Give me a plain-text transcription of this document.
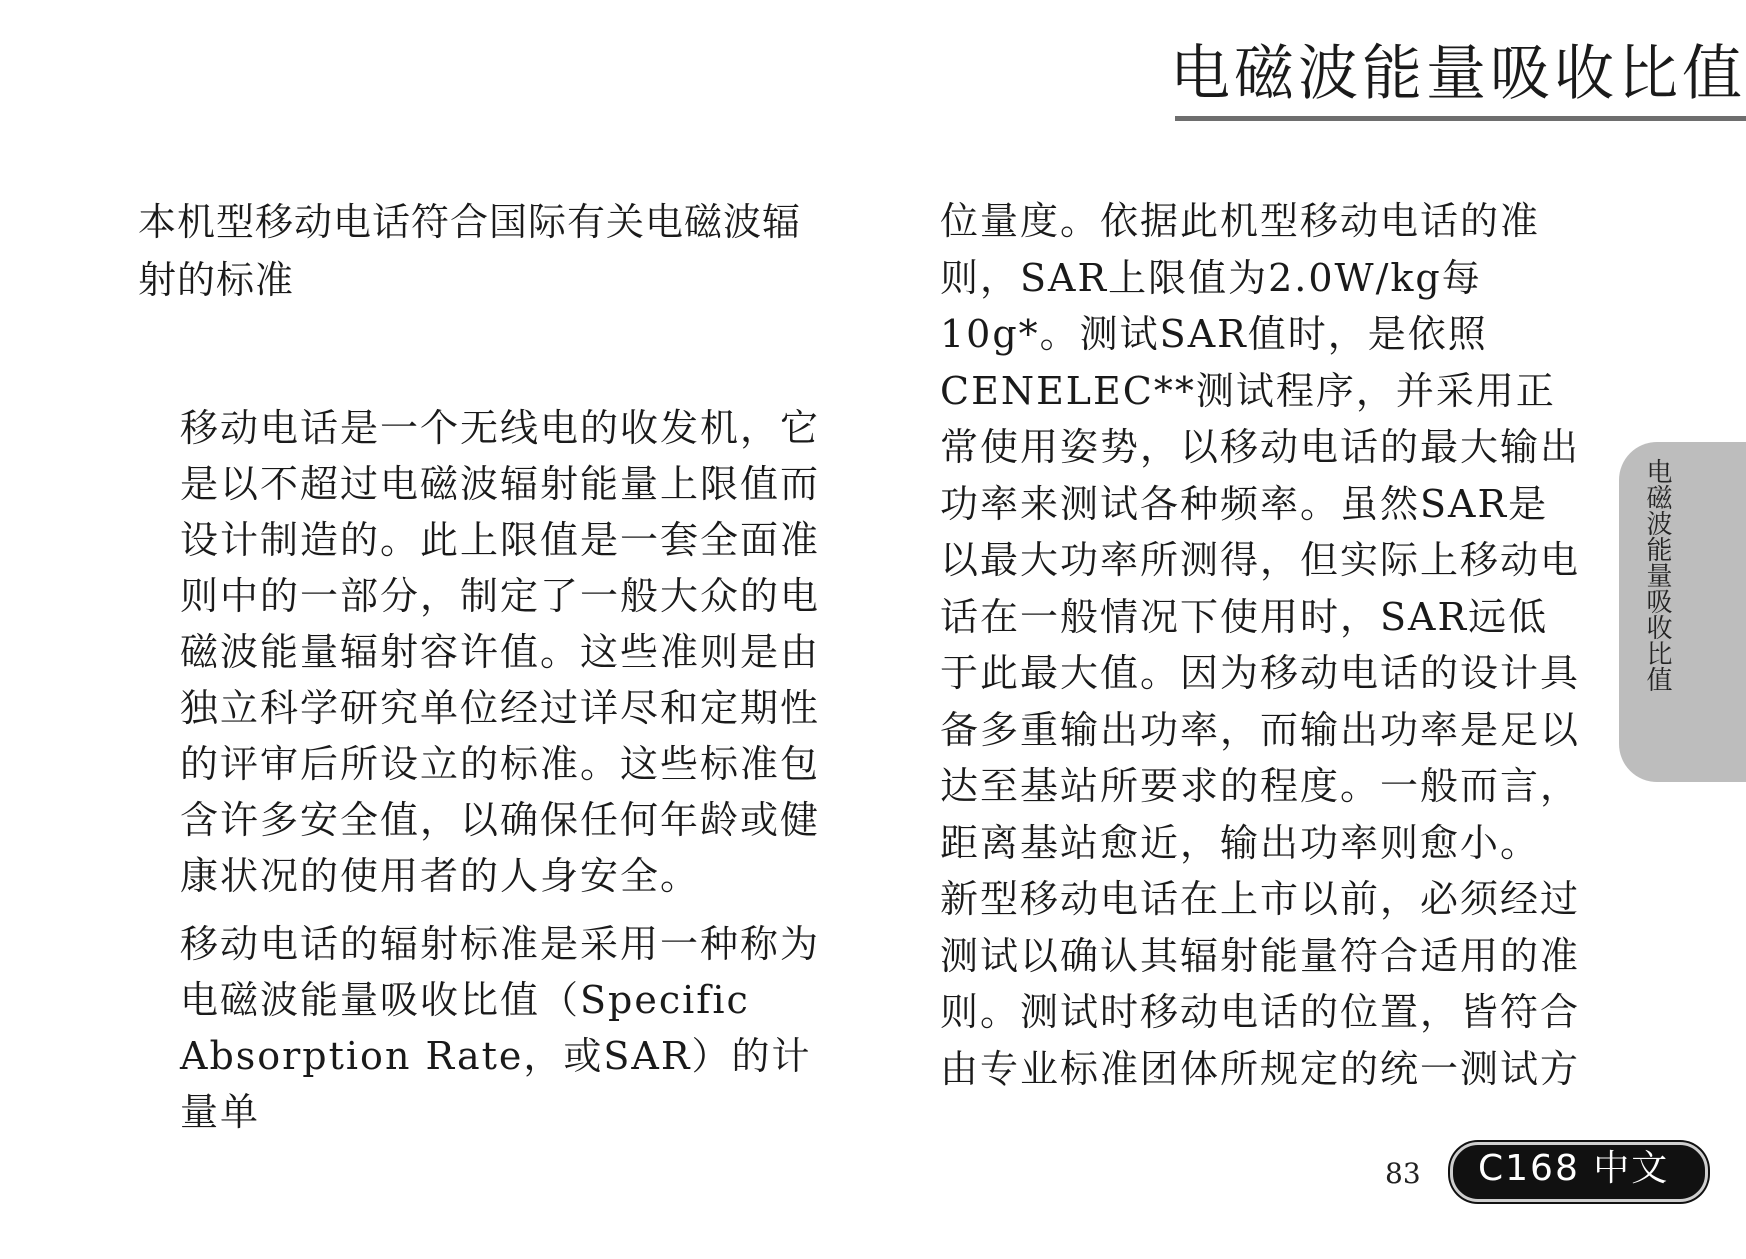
电磁波能量吸收比值
本机型移动电话符合国际有关电磁波辐射的标准

移动电话是一个无线电的收发机，它是以不超过电磁波辐射能量上限值而设计制造的。此上限值是一套全面准则中的一部分，制定了一般大众的电磁波能量辐射容许值。这些准则是由独立科学研究单位经过详尽和定期性的评审后所设立的标准。这些标准包含许多安全值，以确保任何年龄或健康状况的使用者的人身安全。

移动电话的辐射标准是采用一种称为电磁波能量吸收比值（Specific Absorption Rate，或SAR）的计量单

位量度。依据此机型移动电话的准则，SAR上限值为2.0W/kg每10g*。测试SAR值时，是依照CENELEC**测试程序，并采用正常使用姿势，以移动电话的最大输出功率来测试各种频率。虽然SAR是以最大功率所测得，但实际上移动电话在一般情况下使用时，SAR远低于此最大值。因为移动电话的设计具备多重输出功率，而输出功率是足以达至基站所要求的程度。一般而言，距离基站愈近，输出功率则愈小。

新型移动电话在上市以前，必须经过测试以确认其辐射能量符合适用的准则。测试时移动电话的位置，皆符合由专业标准团体所规定的统一测试方

电磁波能量吸收比值
83 C168 中文
